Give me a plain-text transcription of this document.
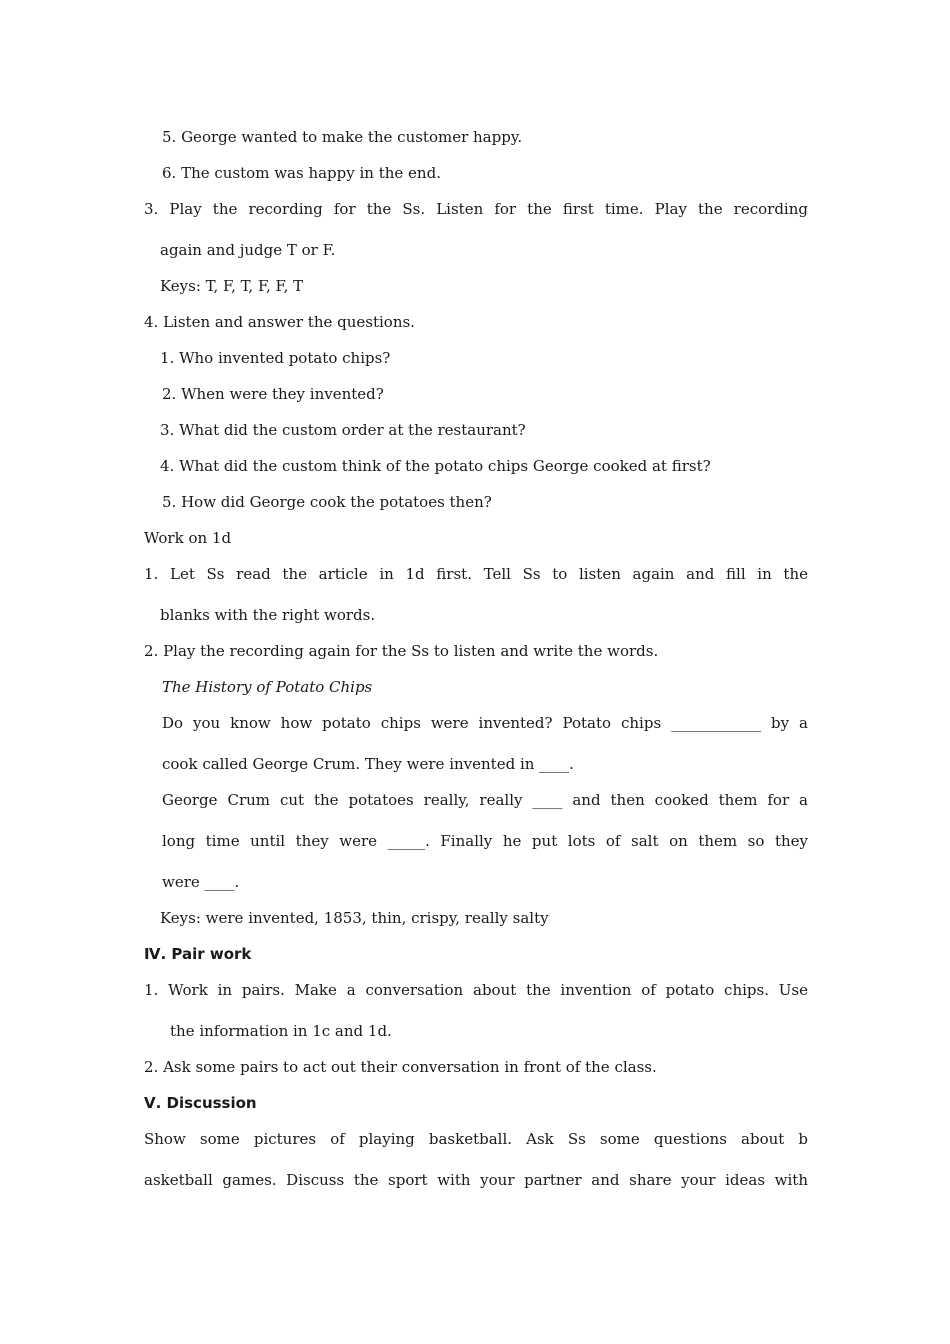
5. George wanted to make the customer happy.
6. The custom was happy in the end.
3. Play the recording for the Ss. Listen for the first time. Play the recording
again and judge T or F.
Keys: T, F, T, F, F, T
4. Listen and answer the questions.
1. Who invented potato chips?
2. When were they invented?
3. What did the custom order at the restaurant?
4. What did the custom think of the potato chips George cooked at first?
5. How did George cook the potatoes then?
Work on 1d
1. Let Ss read the article in 1d first. Tell Ss to listen again and fill in the
blanks with the right words.
2. Play the recording again for the Ss to listen and write the words.
The History of Potato Chips
Do you know how potato chips were invented? Potato chips ____________ by a
cook called George Crum. They were invented in ____.
George Crum cut the potatoes really, really ____ and then cooked them for a
long time until they were _____. Finally he put lots of salt on them so they
were ____.
Keys: were invented, 1853, thin, crispy, really salty
Ⅳ. Pair work
1. Work in pairs. Make a conversation about the invention of potato chips. Use
the information in 1c and 1d.
2. Ask some pairs to act out their conversation in front of the class.
Ⅴ. Discussion
Show some pictures of playing basketball. Ask Ss some questions about b
asketball games. Discuss the sport with your partner and share your ideas with
